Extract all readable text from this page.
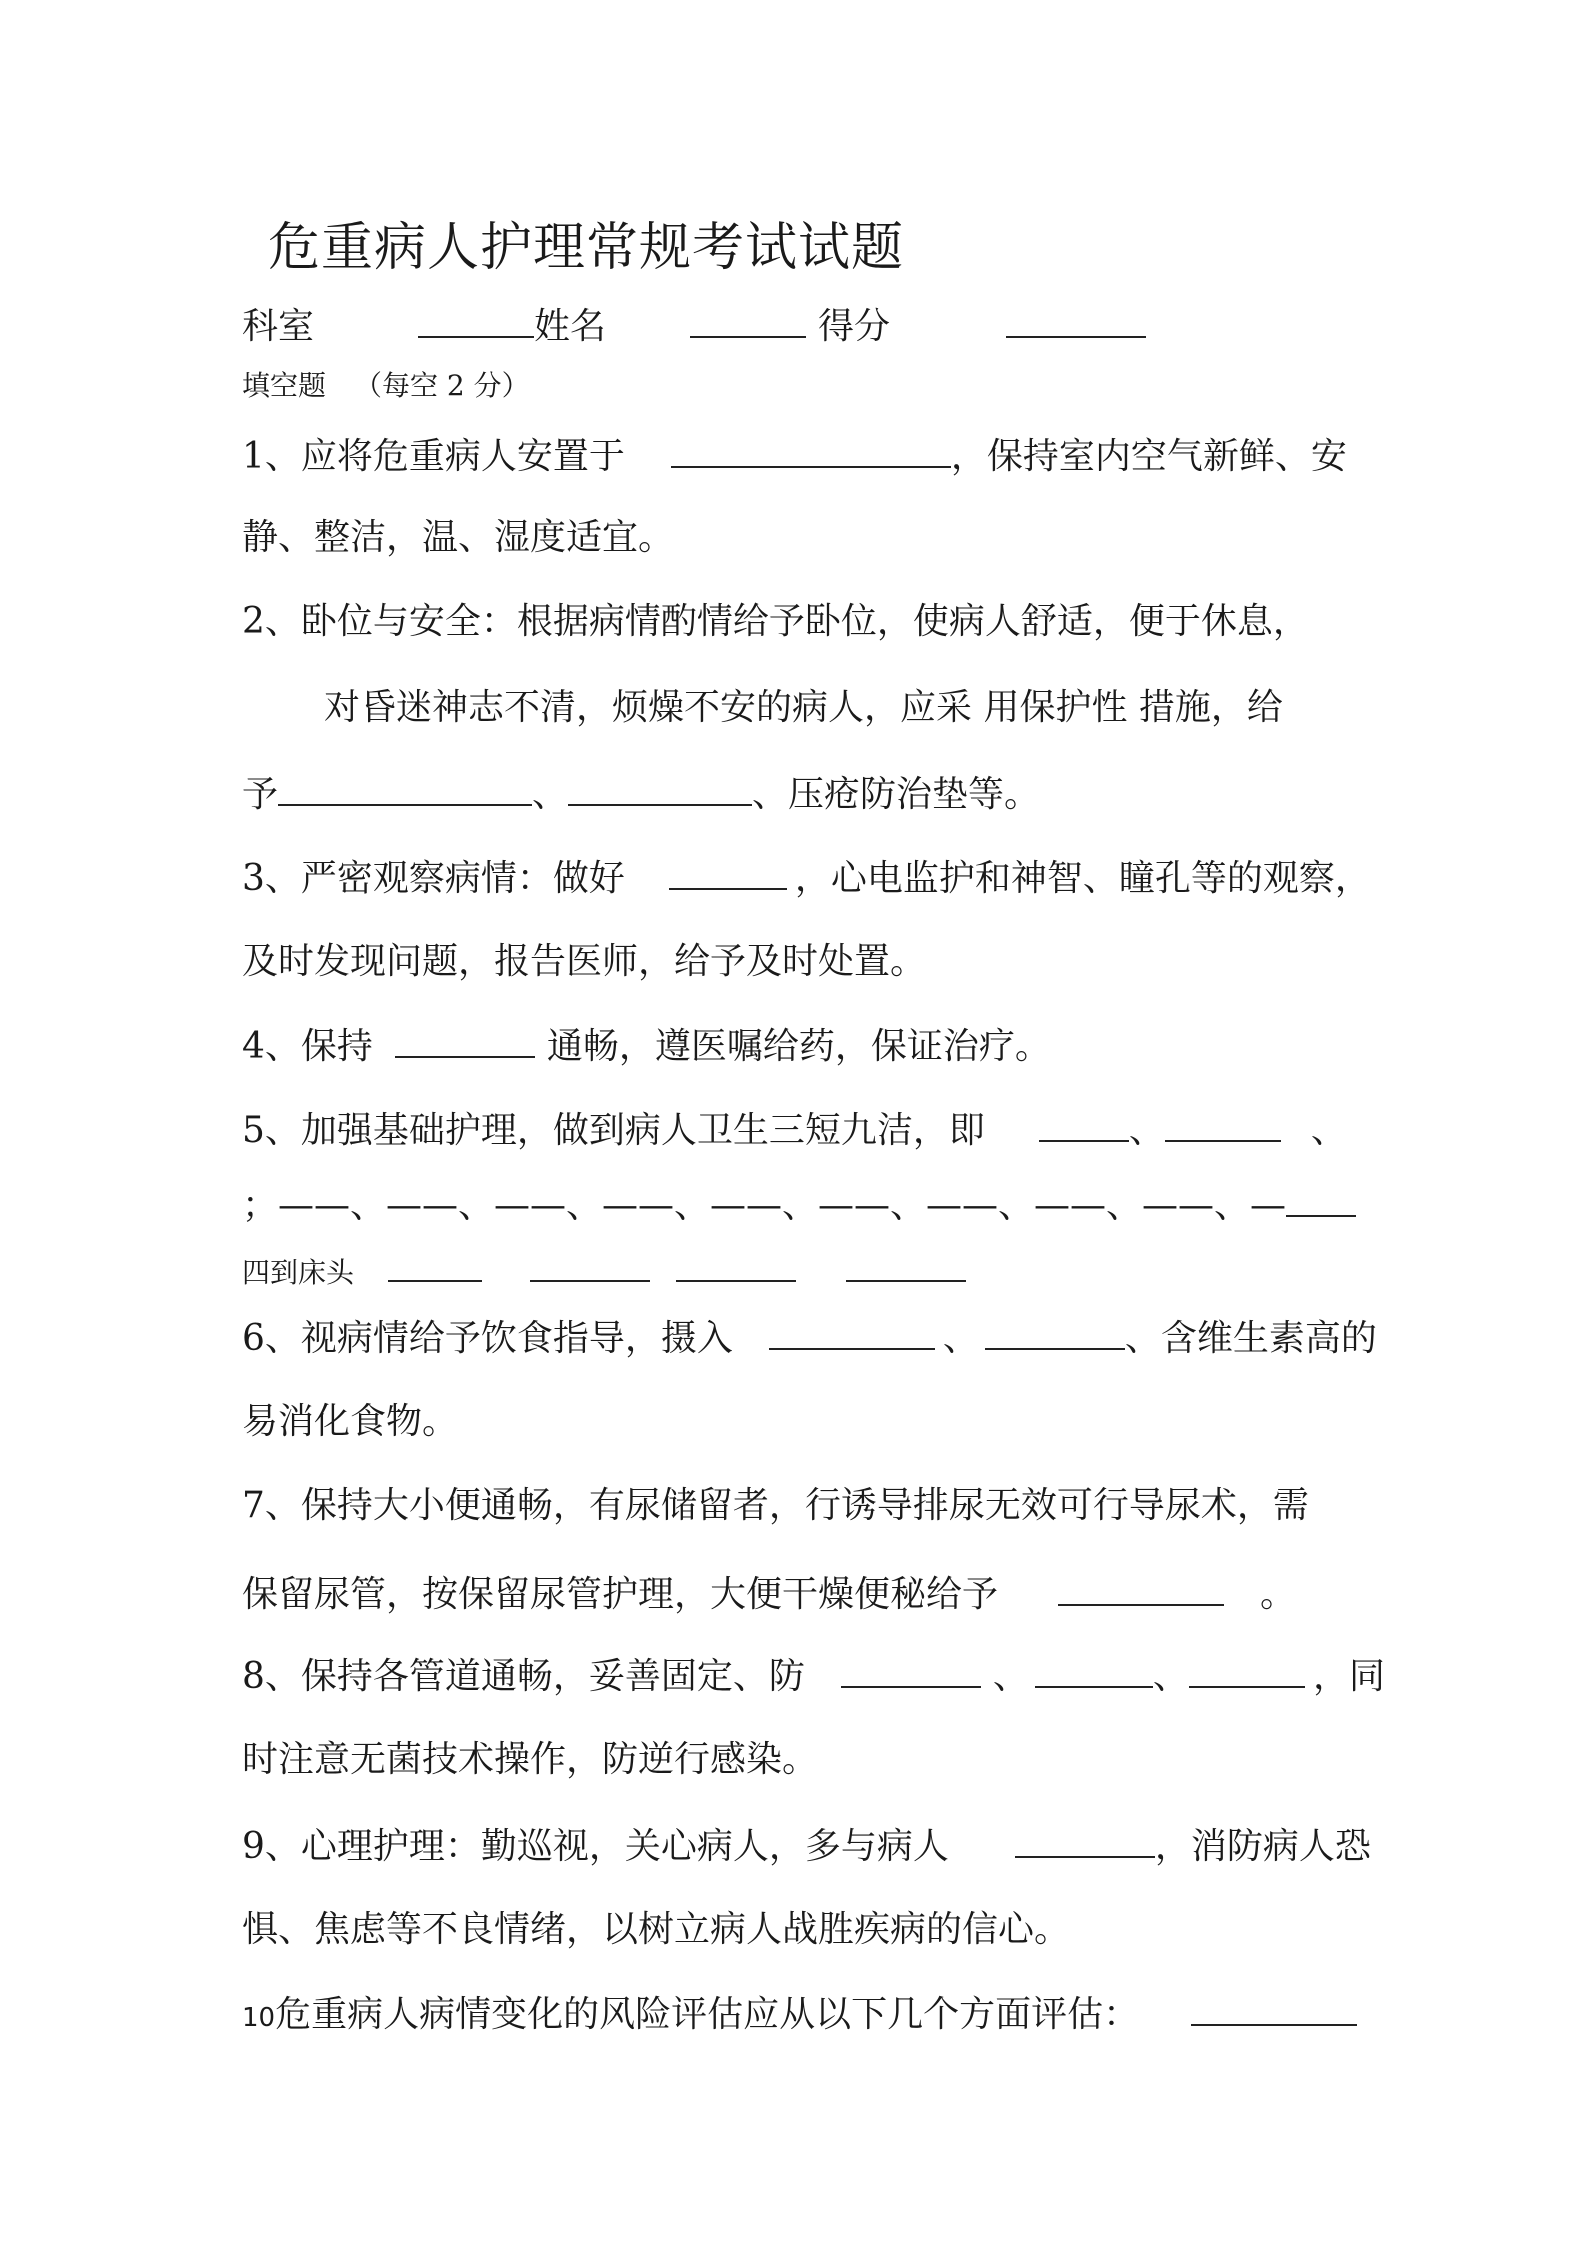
危重病人护理常规考试试题
科室	姓名	得分
填空题 （每空 2 分）
1、应将危重病人安置于	，保持室内空气新鲜、安
静、整洁，温、湿度适宜。
2、卧位与安全：根据病情酌情给予卧位，使病人舒适，便于休息，
对昏迷神志不清，烦燥不安的病人，应采 用保护性 措施，给
予	、	、压疮防治垫等。
3、严密观察病情：做好	，心电监护和神智、瞳孔等的观察，
及时发现问题，报告医师，给予及时处置。
4、保持	通畅，遵医嘱给药，保证治疗。
5、加强基础护理，做到病人卫生三短九洁，即	、	、
；——、——、——、——、——、——、——、——、——、—
四到床头
6、视病情给予饮食指导，摄入	、	、含维生素高的
易消化食物。
7、保持大小便通畅，有尿储留者，行诱导排尿无效可行导尿术，需
保留尿管，按保留尿管护理，大便干燥便秘给予	。
8、保持各管道通畅，妥善固定、防	、	、	，同
时注意无菌技术操作，防逆行感染。
9、心理护理：勤巡视，关心病人，多与病人	，消防病人恐
惧、焦虑等不良情绪，以树立病人战胜疾病的信心。
10危重病人病情变化的风险评估应从以下几个方面评估：
